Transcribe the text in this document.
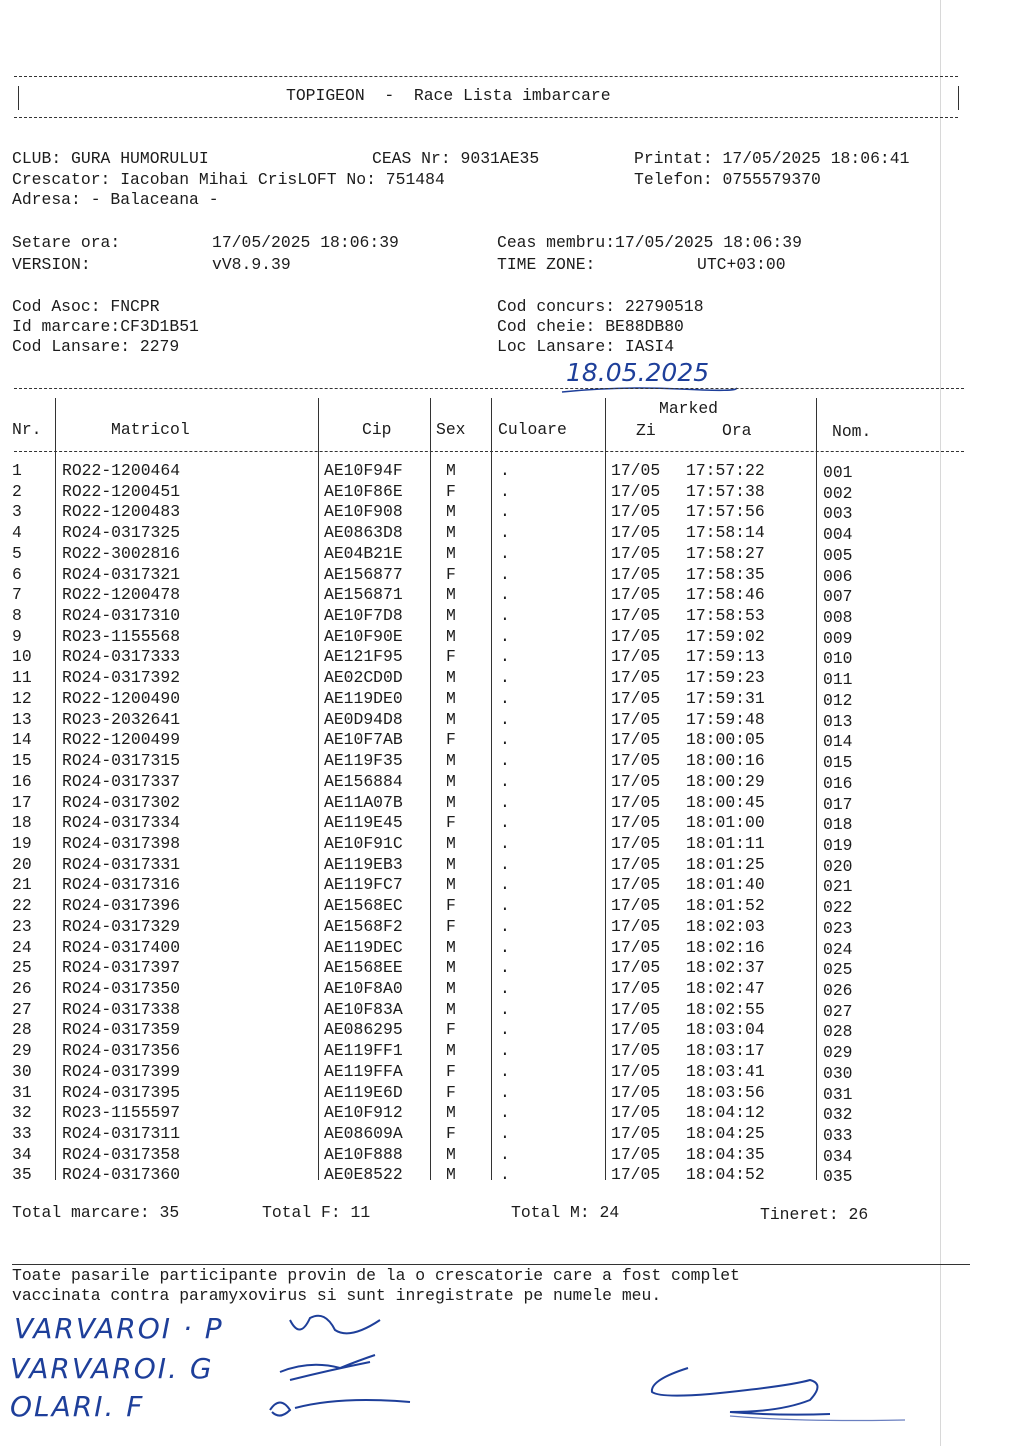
TOPIGEON  -  Race Lista imbarcare
CLUB: GURA HUMORULUI	CEAS Nr: 9031AE35	Printat: 17/05/2025 18:06:41
Crescator: Iacoban Mihai CrisLOFT No: 751484	Telefon: 0755579370
Adresa: - Balaceana -
Setare ora:	17/05/2025 18:06:39	Ceas membru:17/05/2025 18:06:39
VERSION:	vV8.9.39	TIME ZONE:	UTC+03:00
Cod Asoc: FNCPR	Cod concurs: 22790518
Id marcare:CF3D1B51	Cod cheie: BE88DB80
Cod Lansare: 2279	Loc Lansare: IASI4
18.05.2025
Nr.	Matricol	Cip	Sex Culoare
Marked
Zi	Ora	Nom.
1 RO22-1200464	AE10F94F	M	.	17/05 17:57:22	001
2 RO22-1200451	AE10F86E	F	.	17/05 17:57:38	002
3 RO22-1200483	AE10F908	M	.	17/05 17:57:56	003
4 RO24-0317325	AE0863D8	M	.	17/05 17:58:14	004
5 RO22-3002816	AE04B21E	M	.	17/05 17:58:27	005
6 RO24-0317321	AE156877	F	.	17/05 17:58:35	006
7 RO22-1200478	AE156871	M	.	17/05 17:58:46	007
8 RO24-0317310	AE10F7D8	M	.	17/05 17:58:53	008
9 RO23-1155568	AE10F90E	M	.	17/05 17:59:02	009
10 RO24-0317333	AE121F95	F	.	17/05 17:59:13	010
11 RO24-0317392	AE02CD0D	M	.	17/05 17:59:23	011
12 RO22-1200490	AE119DE0	M	.	17/05 17:59:31	012
13 RO23-2032641	AE0D94D8	M	.	17/05 17:59:48	013
14 RO22-1200499	AE10F7AB	F	.	17/05 18:00:05	014
15 RO24-0317315	AE119F35	M	.	17/05 18:00:16	015
16 RO24-0317337	AE156884	M	.	17/05 18:00:29	016
17 RO24-0317302	AE11A07B	M	.	17/05 18:00:45	017
18 RO24-0317334	AE119E45	F	.	17/05 18:01:00	018
19 RO24-0317398	AE10F91C	M	.	17/05 18:01:11	019
20 RO24-0317331	AE119EB3	M	.	17/05 18:01:25	020
21 RO24-0317316	AE119FC7	M	.	17/05 18:01:40	021
22 RO24-0317396	AE1568EC	F	.	17/05 18:01:52	022
23 RO24-0317329	AE1568F2	F	.	17/05 18:02:03	023
24 RO24-0317400	AE119DEC	M	.	17/05 18:02:16	024
25 RO24-0317397	AE1568EE	M	.	17/05 18:02:37	025
26 RO24-0317350	AE10F8A0	M	.	17/05 18:02:47	026
27 RO24-0317338	AE10F83A	M	.	17/05 18:02:55	027
28 RO24-0317359	AE086295	F	.	17/05 18:03:04	028
29 RO24-0317356	AE119FF1	M	.	17/05 18:03:17	029
30 RO24-0317399	AE119FFA	F	.	17/05 18:03:41	030
31 RO24-0317395	AE119E6D	F	.	17/05 18:03:56	031
32 RO23-1155597	AE10F912	M	.	17/05 18:04:12	032
33 RO24-0317311	AE08609A	F	.	17/05 18:04:25	033
34 RO24-0317358	AE10F888	M	.	17/05 18:04:35	034
35 RO24-0317360	AE0E8522	M	.	17/05 18:04:52	035
Total marcare: 35	Total F: 11	Total M: 24	Tineret: 26
Toate pasarile participante provin de la o crescatorie care a fost complet
vaccinata contra paramyxovirus si sunt inregistrate pe numele meu.
VARVAROI · P
VARVAROI. G
OLARI. F
